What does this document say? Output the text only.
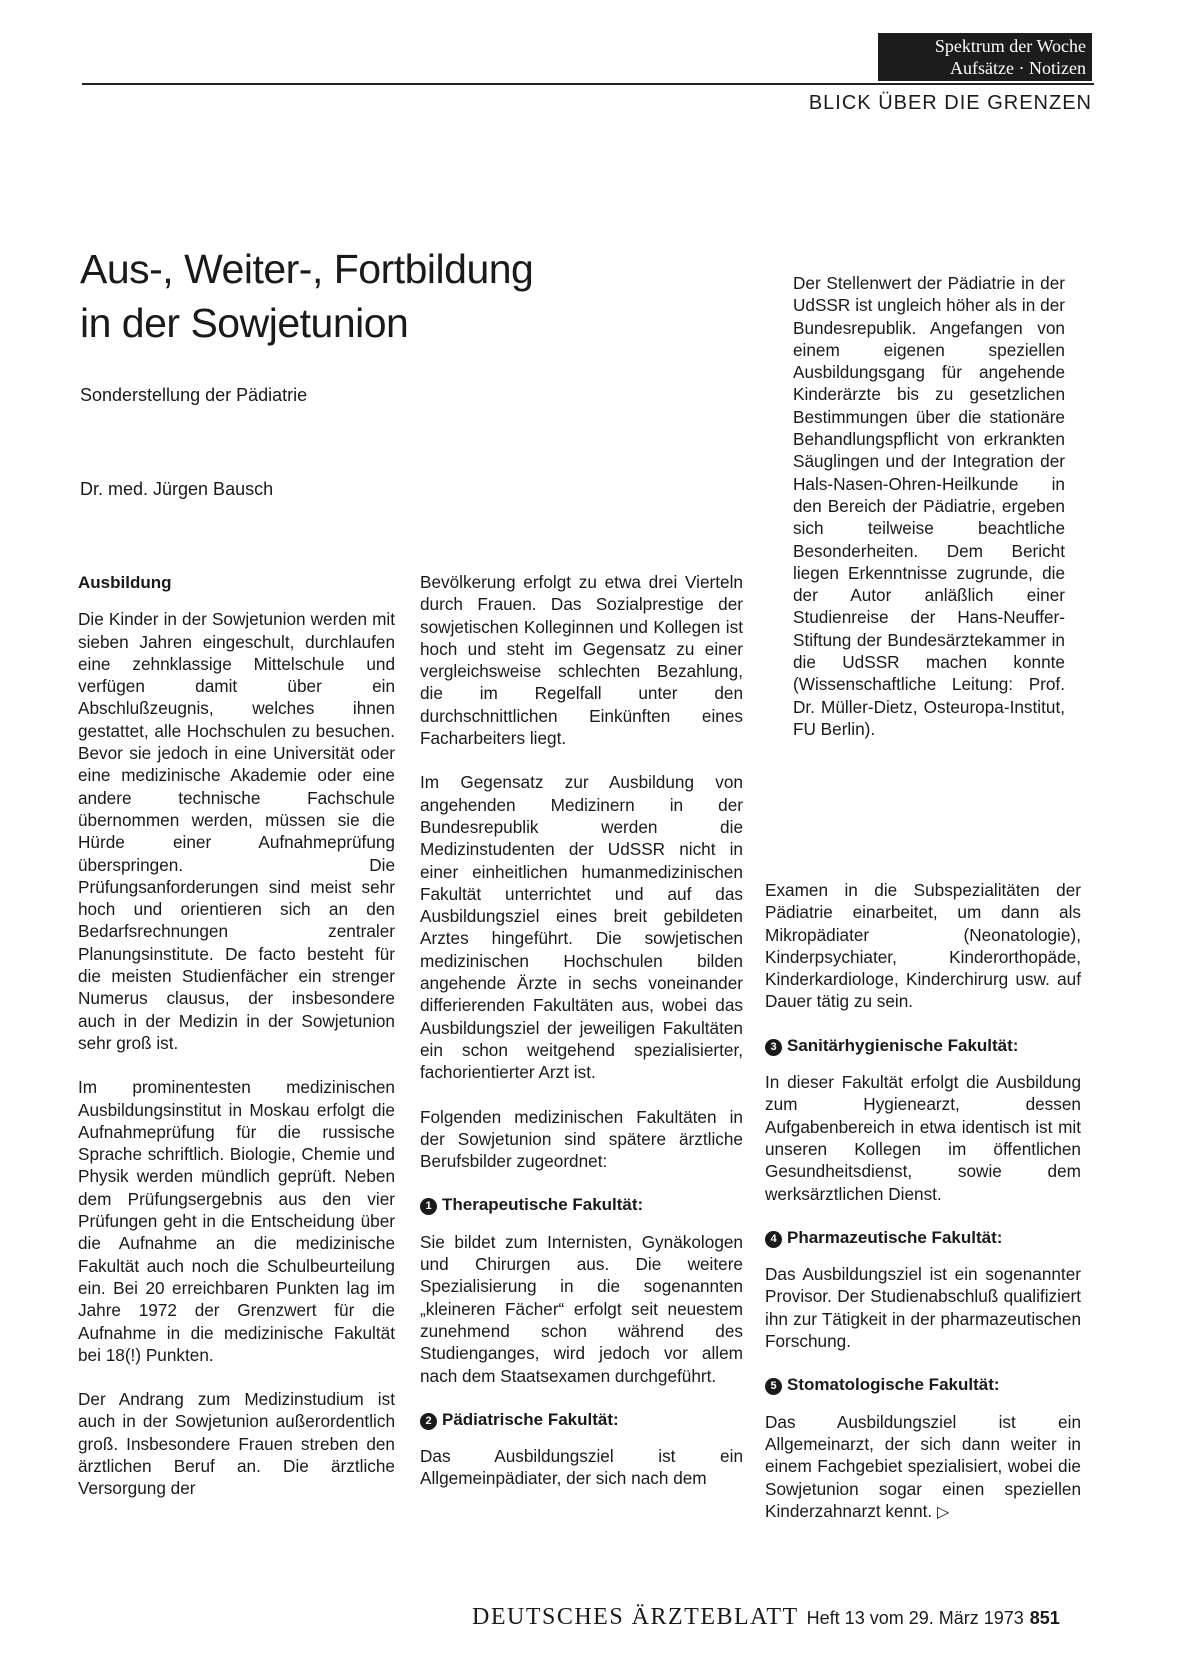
Spektrum der Woche
Aufsätze · Notizen
BLICK ÜBER DIE GRENZEN
Aus-, Weiter-, Fortbildung
in der Sowjetunion
Sonderstellung der Pädiatrie
Dr. med. Jürgen Bausch
Ausbildung

Die Kinder in der Sowjetunion werden mit sieben Jahren eingeschult, durchlaufen eine zehnklassige Mittelschule und verfügen damit über ein Abschlußzeugnis, welches ihnen gestattet, alle Hochschulen zu besuchen. Bevor sie jedoch in eine Universität oder eine medizinische Akademie oder eine andere technische Fachschule übernommen werden, müssen sie die Hürde einer Aufnahmeprüfung überspringen. Die Prüfungsanforderungen sind meist sehr hoch und orientieren sich an den Bedarfsrechnungen zentraler Planungsinstitute. De facto besteht für die meisten Studienfächer ein strenger Numerus clausus, der insbesondere auch in der Medizin in der Sowjetunion sehr groß ist.

Im prominentesten medizinischen Ausbildungsinstitut in Moskau erfolgt die Aufnahmeprüfung für die russische Sprache schriftlich. Biologie, Chemie und Physik werden mündlich geprüft. Neben dem Prüfungsergebnis aus den vier Prüfungen geht in die Entscheidung über die Aufnahme an die medizinische Fakultät auch noch die Schulbeurteilung ein. Bei 20 erreichbaren Punkten lag im Jahre 1972 der Grenzwert für die Aufnahme in die medizinische Fakultät bei 18(!) Punkten.

Der Andrang zum Medizinstudium ist auch in der Sowjetunion außerordentlich groß. Insbesondere Frauen streben den ärztlichen Beruf an. Die ärztliche Versorgung der

Bevölkerung erfolgt zu etwa drei Vierteln durch Frauen. Das Sozialprestige der sowjetischen Kolleginnen und Kollegen ist hoch und steht im Gegensatz zu einer vergleichsweise schlechten Bezahlung, die im Regelfall unter den durchschnittlichen Einkünften eines Facharbeiters liegt.

Im Gegensatz zur Ausbildung von angehenden Medizinern in der Bundesrepublik werden die Medizinstudenten der UdSSR nicht in einer einheitlichen humanmedizinischen Fakultät unterrichtet und auf das Ausbildungsziel eines breit gebildeten Arztes hingeführt. Die sowjetischen medizinischen Hochschulen bilden angehende Ärzte in sechs voneinander differierenden Fakultäten aus, wobei das Ausbildungsziel der jeweiligen Fakultäten ein schon weitgehend spezialisierter, fachorientierter Arzt ist.

Folgenden medizinischen Fakultäten in der Sowjetunion sind spätere ärztliche Berufsbilder zugeordnet:

1 Therapeutische Fakultät:

Sie bildet zum Internisten, Gynäkologen und Chirurgen aus. Die weitere Spezialisierung in die sogenannten „kleineren Fächer“ erfolgt seit neuestem zunehmend schon während des Studienganges, wird jedoch vor allem nach dem Staatsexamen durchgeführt.

2 Pädiatrische Fakultät:

Das Ausbildungsziel ist ein Allgemeinpädiater, der sich nach dem

Der Stellenwert der Pädiatrie in der UdSSR ist ungleich höher als in der Bundesrepublik. Angefangen von einem eigenen speziellen Ausbildungsgang für angehende Kinderärzte bis zu gesetzlichen Bestimmungen über die stationäre Behandlungspflicht von erkrankten Säuglingen und der Integration der Hals-Nasen-Ohren-Heilkunde in den Bereich der Pädiatrie, ergeben sich teilweise beachtliche Besonderheiten. Dem Bericht liegen Erkenntnisse zugrunde, die der Autor anläßlich einer Studienreise der Hans-Neuffer-Stiftung der Bundesärztekammer in die UdSSR machen konnte (Wissenschaftliche Leitung: Prof. Dr. Müller-Dietz, Osteuropa-Institut, FU Berlin).

Examen in die Subspezialitäten der Pädiatrie einarbeitet, um dann als Mikropädiater (Neonatologie), Kinderpsychiater, Kinderorthopäde, Kinderkardiologe, Kinderchirurg usw. auf Dauer tätig zu sein.

3 Sanitärhygienische Fakultät:

In dieser Fakultät erfolgt die Ausbildung zum Hygienearzt, dessen Aufgabenbereich in etwa identisch ist mit unseren Kollegen im öffentlichen Gesundheitsdienst, sowie dem werksärztlichen Dienst.

4 Pharmazeutische Fakultät:

Das Ausbildungsziel ist ein sogenannter Provisor. Der Studienabschluß qualifiziert ihn zur Tätigkeit in der pharmazeutischen Forschung.

5 Stomatologische Fakultät:

Das Ausbildungsziel ist ein Allgemeinarzt, der sich dann weiter in einem Fachgebiet spezialisiert, wobei die Sowjetunion sogar einen speziellen Kinderzahnarzt kennt. ▷

DEUTSCHES ÄRZTEBLATT Heft 13 vom 29. März 1973 851
